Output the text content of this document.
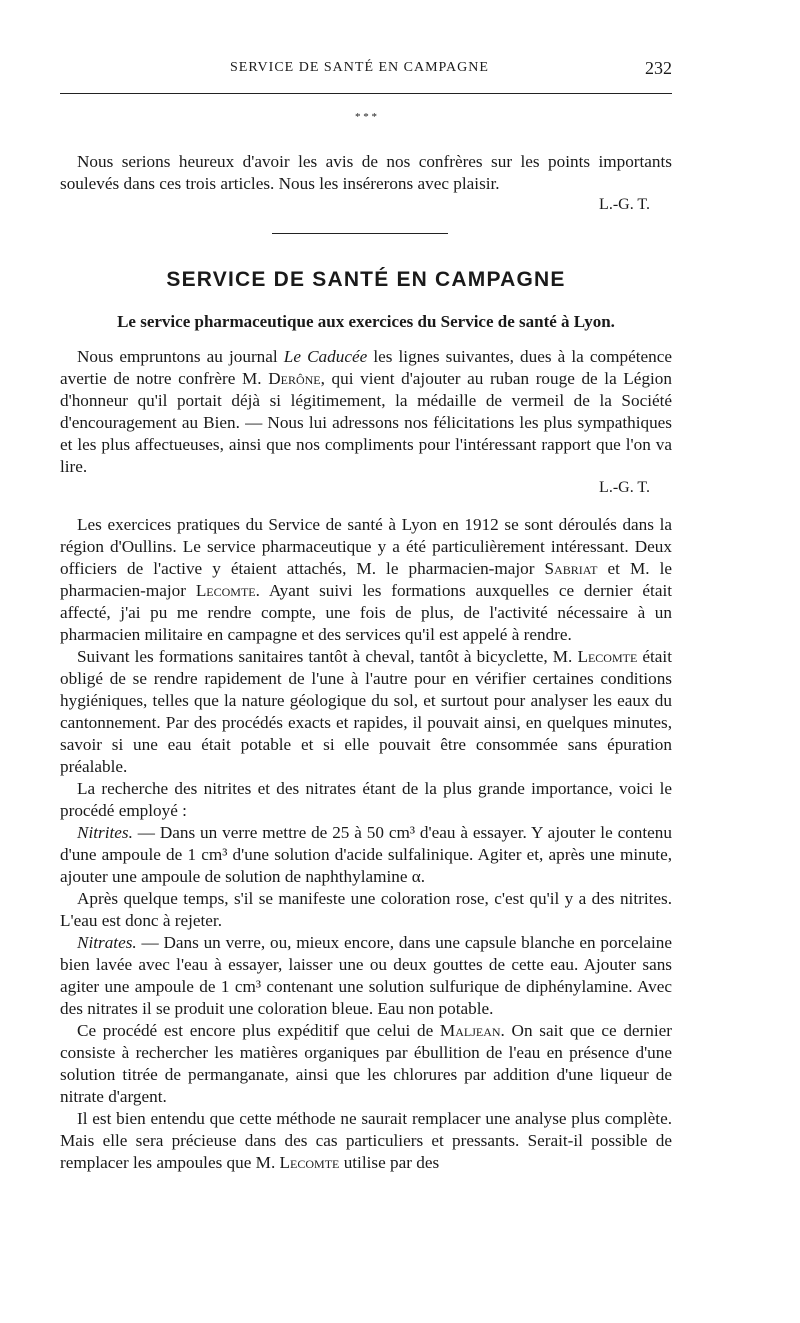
SERVICE DE SANTÉ EN CAMPAGNE	232
* * *

Nous serions heureux d'avoir les avis de nos confrères sur les points importants soulevés dans ces trois articles. Nous les insérerons avec plaisir.

L.-G. T.
SERVICE DE SANTÉ EN CAMPAGNE
Le service pharmaceutique aux exercices du Service de santé à Lyon.

Nous empruntons au journal Le Caducée les lignes suivantes, dues à la compétence avertie de notre confrère M. Derône, qui vient d'ajouter au ruban rouge de la Légion d'honneur qu'il portait déjà si légitimement, la médaille de vermeil de la Société d'encouragement au Bien. — Nous lui adressons nos félicitations les plus sympathiques et les plus affectueuses, ainsi que nos compliments pour l'intéressant rapport que l'on va lire.

L.-G. T.

Les exercices pratiques du Service de santé à Lyon en 1912 se sont déroulés dans la région d'Oullins. Le service pharmaceutique y a été particulièrement intéressant. Deux officiers de l'active y étaient attachés, M. le pharmacien-major Sabriat et M. le pharmacien-major Lecomte. Ayant suivi les formations auxquelles ce dernier était affecté, j'ai pu me rendre compte, une fois de plus, de l'activité nécessaire à un pharmacien militaire en campagne et des services qu'il est appelé à rendre.

Suivant les formations sanitaires tantôt à cheval, tantôt à bicyclette, M. Lecomte était obligé de se rendre rapidement de l'une à l'autre pour en vérifier certaines conditions hygiéniques, telles que la nature géologique du sol, et surtout pour analyser les eaux du cantonnement. Par des procédés exacts et rapides, il pouvait ainsi, en quelques minutes, savoir si une eau était potable et si elle pouvait être consommée sans épuration préalable.

La recherche des nitrites et des nitrates étant de la plus grande importance, voici le procédé employé :

Nitrites. — Dans un verre mettre de 25 à 50 cm³ d'eau à essayer. Y ajouter le contenu d'une ampoule de 1 cm³ d'une solution d'acide sulfalinique. Agiter et, après une minute, ajouter une ampoule de solution de naphthylamine α.

Après quelque temps, s'il se manifeste une coloration rose, c'est qu'il y a des nitrites. L'eau est donc à rejeter.

Nitrates. — Dans un verre, ou, mieux encore, dans une capsule blanche en porcelaine bien lavée avec l'eau à essayer, laisser une ou deux gouttes de cette eau. Ajouter sans agiter une ampoule de 1 cm³ contenant une solution sulfurique de diphénylamine. Avec des nitrates il se produit une coloration bleue. Eau non potable.

Ce procédé est encore plus expéditif que celui de Maljean. On sait que ce dernier consiste à rechercher les matières organiques par ébullition de l'eau en présence d'une solution titrée de permanganate, ainsi que les chlorures par addition d'une liqueur de nitrate d'argent.

Il est bien entendu que cette méthode ne saurait remplacer une analyse plus complète. Mais elle sera précieuse dans des cas particuliers et pressants. Serait-il possible de remplacer les ampoules que M. Lecomte utilise par des
